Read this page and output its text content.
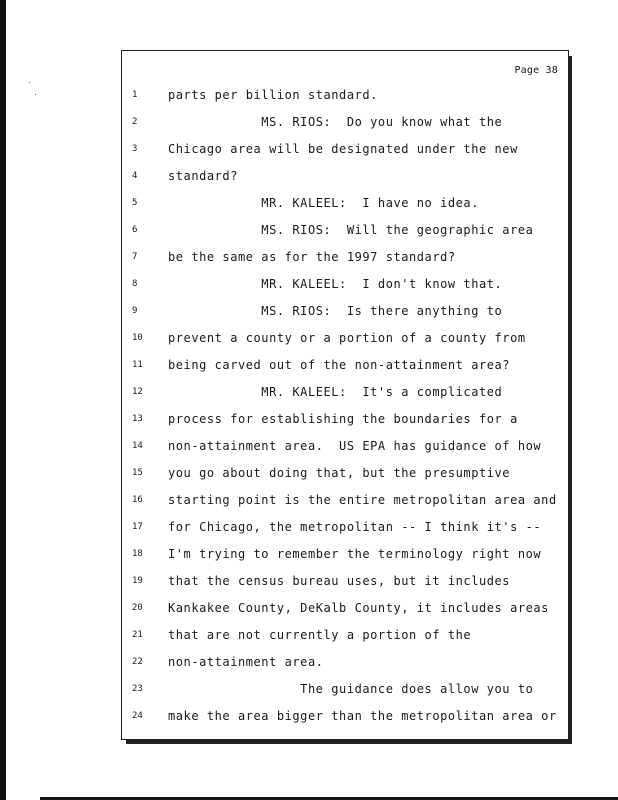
Page 38
1	parts per billion standard.
2	MS. RIOS:  Do you know what the
3	Chicago area will be designated under the new
4	standard?
5	MR. KALEEL:  I have no idea.
6	MS. RIOS:  Will the geographic area
7	be the same as for the 1997 standard?
8	MR. KALEEL:  I don't know that.
9	MS. RIOS:  Is there anything to
10	prevent a county or a portion of a county from
11	being carved out of the non-attainment area?
12	MR. KALEEL:  It's a complicated
13	process for establishing the boundaries for a
14	non-attainment area.  US EPA has guidance of how
15	you go about doing that, but the presumptive
16	starting point is the entire metropolitan area and
17	for Chicago, the metropolitan -- I think it's --
18	I'm trying to remember the terminology right now
19	that the census bureau uses, but it includes
20	Kankakee County, DeKalb County, it includes areas
21	that are not currently a portion of the
22	non-attainment area.
23	The guidance does allow you to
24	make the area bigger than the metropolitan area or
